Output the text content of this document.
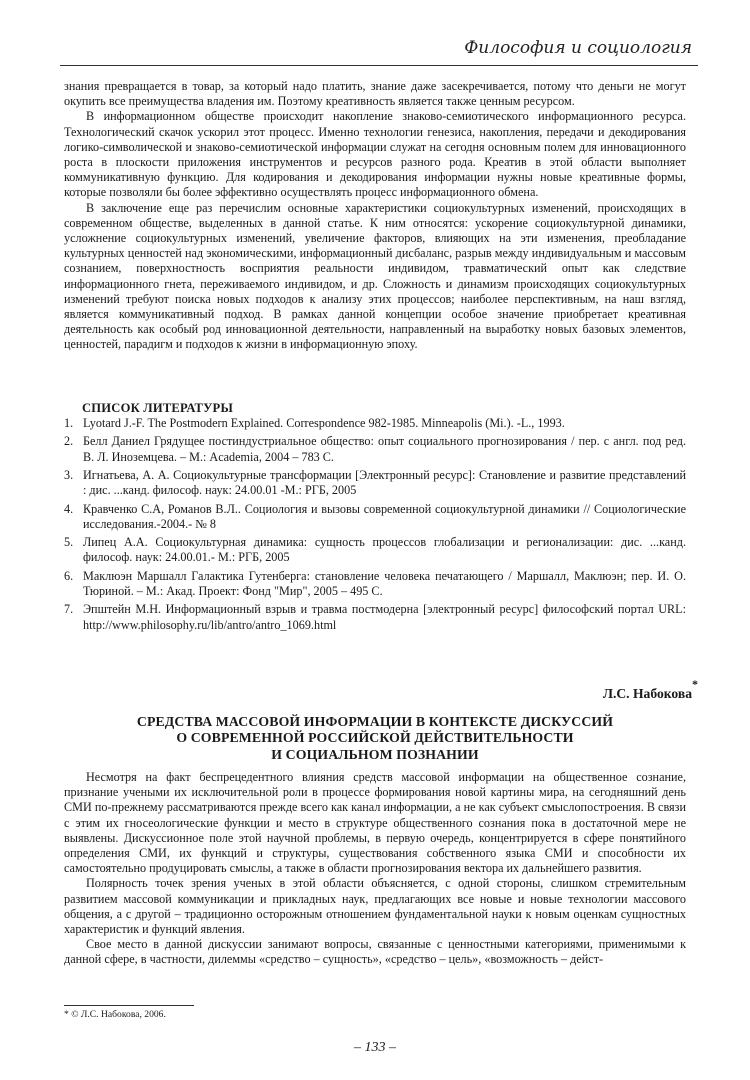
Философия и социология

знания превращается в товар, за который надо платить, знание даже засекречивается, потому что деньги не могут окупить все преимущества владения им. Поэтому креативность является также ценным ресурсом.

В информационном обществе происходит накопление знаково-семиотического информационного ресурса. Технологический скачок ускорил этот процесс. Именно технологии генезиса, накопления, передачи и декодирования логико-символической и знаково-семиотической информации служат на сегодня основным полем для инновационного роста в плоскости приложения инструментов и ресурсов разного рода. Креатив в этой области выполняет коммуникативную функцию. Для кодирования и декодирования информации нужны новые креативные формы, которые позволяли бы более эффективно осуществлять процесс информационного обмена.

В заключение еще раз перечислим основные характеристики социокультурных изменений, происходящих в современном обществе, выделенных в данной статье. К ним относятся: ускорение социокультурной динамики, усложнение социокультурных изменений, увеличение факторов, влияющих на эти изменения, преобладание культурных ценностей над экономическими, информационный дисбаланс, разрыв между индивидуальным и массовым сознанием, поверхностность восприятия реальности индивидом, травматический опыт как следствие информационного гнета, переживаемого индивидом, и др. Сложность и динамизм происходящих социокультурных изменений требуют поиска новых подходов к анализу этих процессов; наиболее перспективным, на наш взгляд, является коммуникативный подход. В рамках данной концепции особое значение приобретает креативная деятельность как особый род инновационной деятельности, направленный на выработку новых базовых элементов, ценностей, парадигм и подходов к жизни в информационную эпоху.

СПИСОК ЛИТЕРАТУРЫ
1. Lyotard J.-F. The Postmodern Explained. Correspondence 982-1985. Minneapolis (Mi.). -L., 1993.
2. Белл Даниел Грядущее постиндустриальное общество: опыт социального прогнозирования / пер. с англ. под ред. В. Л. Иноземцева. – М.: Academia, 2004 – 783 С.
3. Игнатьева, А. А. Социокультурные трансформации [Электронный ресурс]: Становление и развитие представлений : дис. ...канд. философ. наук: 24.00.01 -М.: РГБ, 2005
4. Кравченко С.А, Романов В.Л.. Социология и вызовы современной социокультурной динамики // Социологические исследования.-2004.- № 8
5. Липец А.А. Социокультурная динамика: сущность процессов глобализации и регионализации: дис. ...канд. философ. наук: 24.00.01.- М.: РГБ, 2005
6. Маклюэн Маршалл Галактика Гутенберга: становление человека печатающего / Маршалл, Маклюэн; пер. И. О. Тюриной. – М.: Акад. Проект: Фонд "Мир", 2005 – 495 С.
7. Эпштейн М.Н. Информационный взрыв и травма постмодерна [электронный ресурс] философский портал URL: http://www.philosophy.ru/lib/antro/antro_1069.html
Л.С. Набокова
*
СРЕДСТВА МАССОВОЙ ИНФОРМАЦИИ В КОНТЕКСТЕ ДИСКУССИЙ
О СОВРЕМЕННОЙ РОССИЙСКОЙ ДЕЙСТВИТЕЛЬНОСТИ
И СОЦИАЛЬНОМ ПОЗНАНИИ

Несмотря на факт беспрецедентного влияния средств массовой информации на общественное сознание, признание учеными их исключительной роли в процессе формирования новой картины мира, на сегодняшний день СМИ по-прежнему рассматриваются прежде всего как канал информации, а не как субъект смыслопостроения. В связи с этим их гносеологические функции и место в структуре общественного сознания пока в достаточной мере не выявлены. Дискуссионное поле этой научной проблемы, в первую очередь, концентрируется в сфере понятийного определения СМИ, их функций и структуры, существования собственного языка СМИ и способности их самостоятельно продуцировать смыслы, а также в области прогнозирования вектора их дальнейшего развития.

Полярность точек зрения ученых в этой области объясняется, с одной стороны, слишком стремительным развитием массовой коммуникации и прикладных наук, предлагающих все новые и новые технологии массового общения, а с другой – традиционно осторожным отношением фундаментальной науки к новым оценкам сущностных характеристик и функций явления.

Свое место в данной дискуссии занимают вопросы, связанные с ценностными категориями, применимыми к данной сфере, в частности, дилеммы «средство – сущность», «средство – цель», «возможность – дейст-

* © Л.С. Набокова, 2006.
– 133 –
